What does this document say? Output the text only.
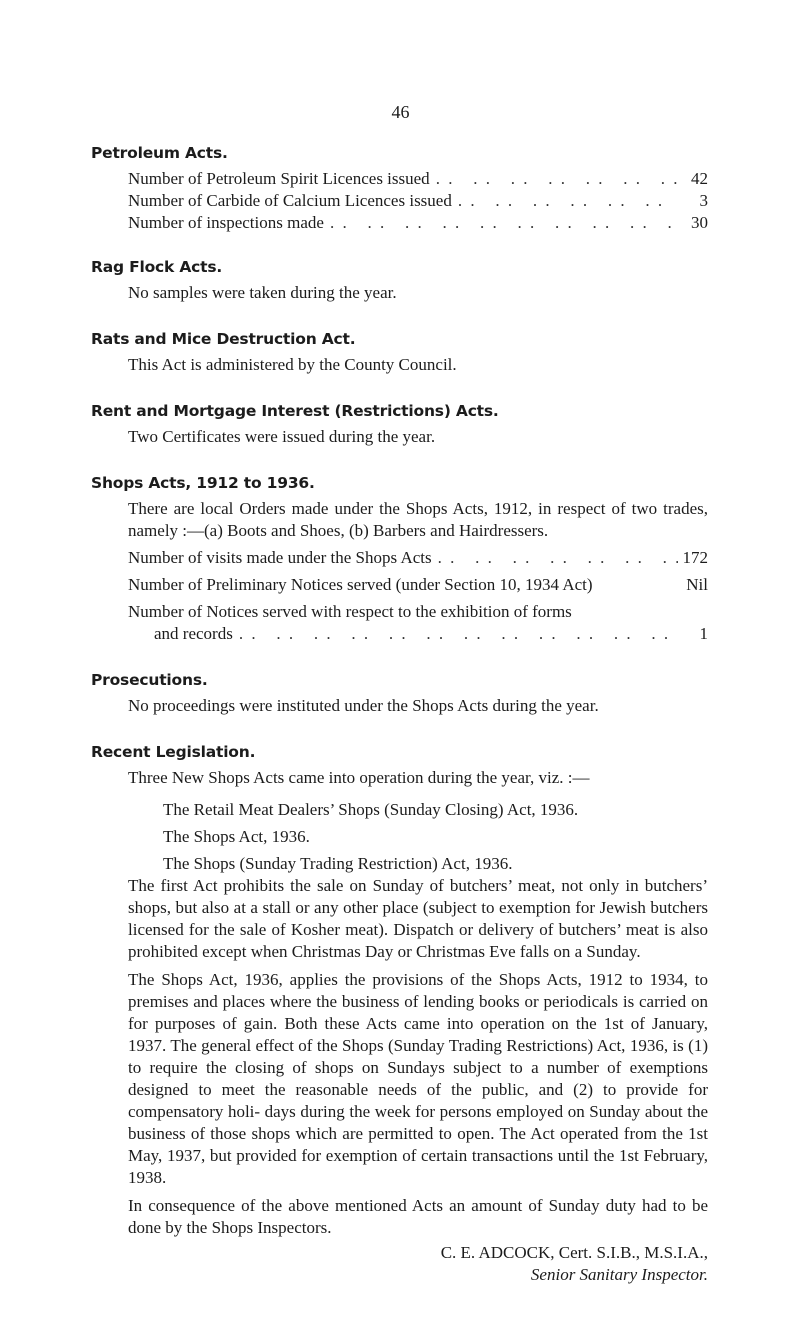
46
Petroleum Acts.
Number of Petroleum Spirit Licences issued . .	42
Number of Carbide of Calcium Licences issued . .	3
Number of inspections made . .	30
Rag Flock Acts.
No samples were taken during the year.
Rats and Mice Destruction Act.
This Act is administered by the County Council.
Rent and Mortgage Interest (Restrictions) Acts.
Two Certificates were issued during the year.
Shops Acts, 1912 to 1936.
There are local Orders made under the Shops Acts, 1912, in respect of two trades, namely :—(a) Boots and Shoes, (b) Barbers and Hairdressers.
Number of visits made under the Shops Acts . .	172
Number of Preliminary Notices served (under Section 10, 1934 Act)	Nil
Number of Notices served with respect to the exhibition of forms
and records . .	1
Prosecutions.
No proceedings were instituted under the Shops Acts during the year.
Recent Legislation.
Three New Shops Acts came into operation during the year, viz. :—
The Retail Meat Dealers’ Shops (Sunday Closing) Act, 1936.
The Shops Act, 1936.
The Shops (Sunday Trading Restriction) Act, 1936.
The first Act prohibits the sale on Sunday of butchers’ meat, not only in butchers’ shops, but also at a stall or any other place (subject to exemption for Jewish butchers licensed for the sale of Kosher meat). Dispatch or delivery of butchers’ meat is also prohibited except when Christmas Day or Christmas Eve falls on a Sunday.
The Shops Act, 1936, applies the provisions of the Shops Acts, 1912 to 1934, to premises and places where the business of lending books or periodicals is carried on for purposes of gain. Both these Acts came into operation on the 1st of January, 1937. The general effect of the Shops (Sunday Trading Restrictions) Act, 1936, is (1) to require the closing of shops on Sundays subject to a number of exemptions designed to meet the reasonable needs of the public, and (2) to provide for compensatory holi- days during the week for persons employed on Sunday about the business of those shops which are permitted to open. The Act operated from the 1st May, 1937, but provided for exemption of certain transactions until the 1st February, 1938.
In consequence of the above mentioned Acts an amount of Sunday duty had to be done by the Shops Inspectors.
C. E. ADCOCK, Cert. S.I.B., M.S.I.A.,
Senior Sanitary Inspector.
